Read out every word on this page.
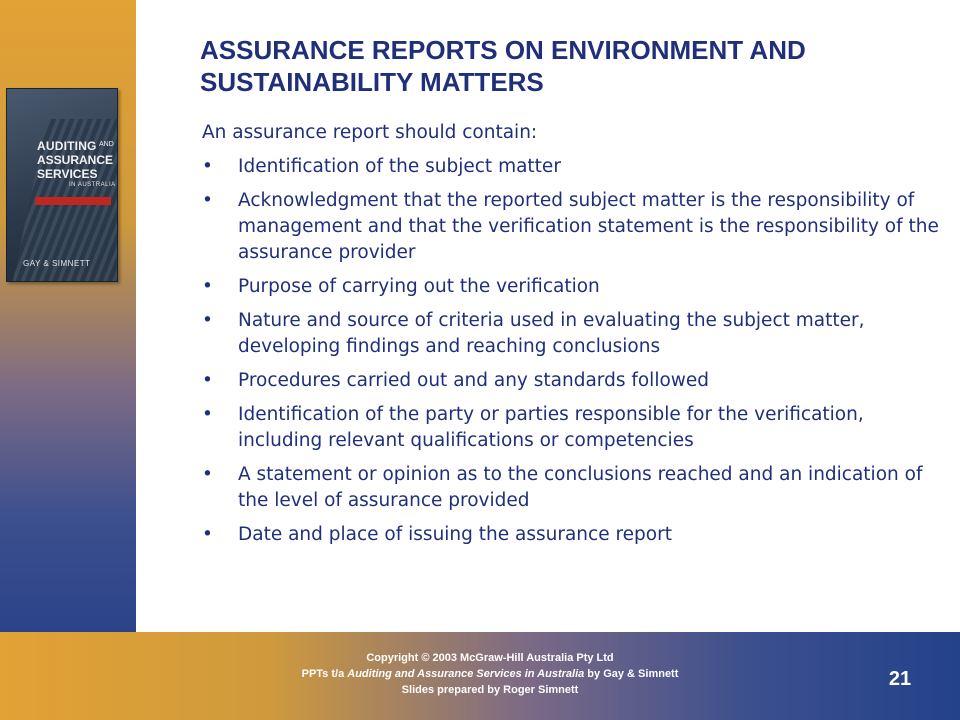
AUDITING AND
ASSURANCE
SERVICES
IN AUSTRALIA
GAY & SIMNETT
ASSURANCE REPORTS ON ENVIRONMENT AND SUSTAINABILITY MATTERS

An assurance report should contain:

•	Identification of the subject matter
•	Acknowledgment that the reported subject matter is the responsibility of management and that the verification statement is the responsibility of the assurance provider
•	Purpose of carrying out the verification
•	Nature and source of criteria used in evaluating the subject matter, developing findings and reaching conclusions
•	Procedures carried out and any standards followed
•	Identification of the party or parties responsible for the verification, including relevant qualifications or competencies
•	A statement or opinion as to the conclusions reached and an indication of the level of assurance provided
•	Date and place of issuing the assurance report
Copyright © 2003 McGraw-Hill Australia Pty Ltd
PPTs t/a Auditing and Assurance Services in Australia by Gay & Simnett
Slides prepared by Roger Simnett	21
